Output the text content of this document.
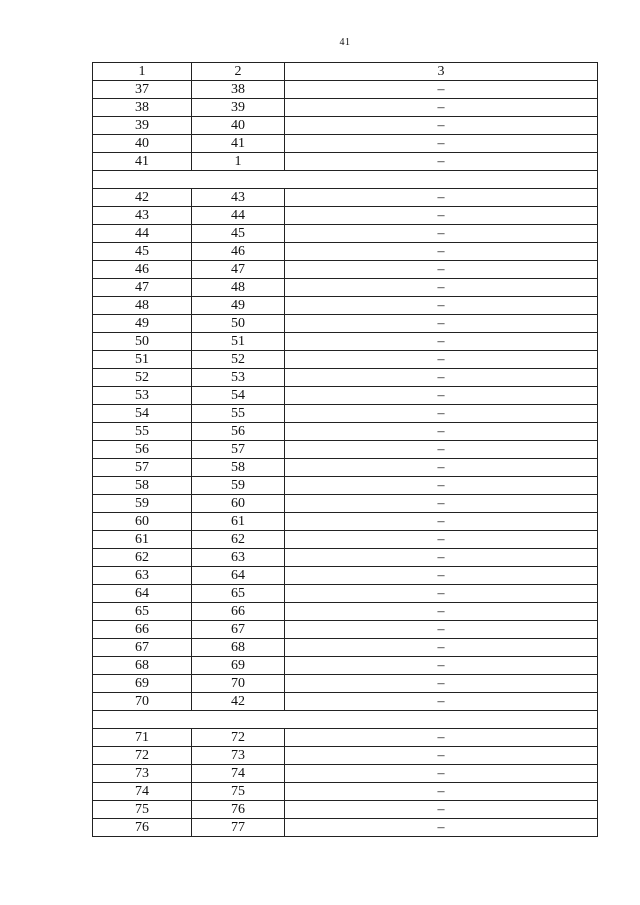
41
1	2	3
37	38	–
38	39	–
39	40	–
40	41	–
41	1	–

42	43	–
43	44	–
44	45	–
45	46	–
46	47	–
47	48	–
48	49	–
49	50	–
50	51	–
51	52	–
52	53	–
53	54	–
54	55	–
55	56	–
56	57	–
57	58	–
58	59	–
59	60	–
60	61	–
61	62	–
62	63	–
63	64	–
64	65	–
65	66	–
66	67	–
67	68	–
68	69	–
69	70	–
70	42	–

71	72	–
72	73	–
73	74	–
74	75	–
75	76	–
76	77	–
